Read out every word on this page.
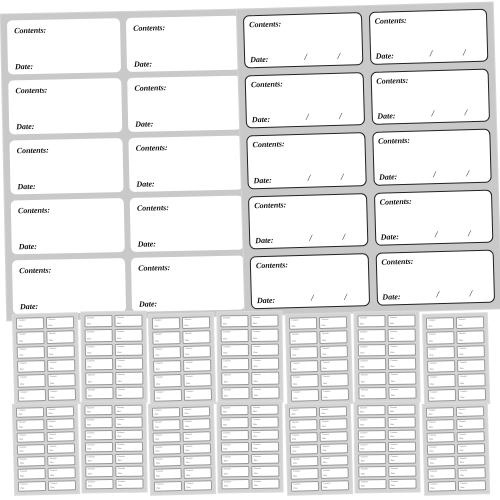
Contents:
Date:
Contents:
Date:
Contents:
Date:
Contents:
Date:
Contents:
Date:
Contents:
Date:
Contents:
Date:
Contents:
Date:
Contents:
Date:
Contents:
Date:
Contents:
Date:	/	/
Contents:
Date:	/	/
Contents:
Date:	/	/
Contents:
Date:	/	/
Contents:
Date:	/	/
Contents:
Date:	/	/
Contents:
Date:	/	/
Contents:
Date:	/	/
Contents:
Date:	/	/
Contents:
Date:	/	/
Contents
Date
Contents
Date
Contents
Date
Contents
Date
Contents
Date
Contents
Date
Contents
Date
Contents
Date
Contents
Date
Contents
Date
Contents
Date
Contents
Date
Contents
Date
Contents
Date
Contents
Date
Contents
Date
Contents
Date
Contents
Date
Contents
Date
Contents
Date
Contents
Date
Contents
Date
Contents
Date
Contents
Date
Contents
Date
Contents
Date
Contents
Date
Contents
Date
Contents
Date
Contents
Date
Contents
Date
Contents
Date
Contents
Date
Contents
Date
Contents
Date
Contents
Date
Contents
Date
Contents
Date
Contents
Date
Contents
Date
Contents
Date
Contents
Date
Contents
Date
Contents
Date
Contents
Date
Contents
Date
Contents
Date
Contents
Date
Contents
Date
Contents
Date
Contents
Date
Contents
Date
Contents
Date
Contents
Date
Contents
Date
Contents
Date
Contents
Date
Contents
Date
Contents
Date
Contents
Date
Contents
Date
Contents
Date
Contents
Date
Contents
Date
Contents
Date
Contents
Date
Contents
Date
Contents
Date
Contents
Date
Contents
Date
Contents
Date
Contents
Date
Contents
Date
Contents
Date
Contents
Date
Contents
Date
Contents
Date
Contents
Date
Contents
Date
Contents
Date
Contents
Date
Contents
Date
Contents
Date
Contents
Date
Contents
Date
Contents
Date
Contents
Date
Contents
Date
Contents
Date
Contents
Date
Contents
Date
Contents
Date
Contents
Date
Contents
Date
Contents
Date
Contents
Date
Contents
Date
Contents
Date
Contents
Date
Contents
Date
Contents
Date
Contents
Date
Contents
Date
Contents
Date
Contents
Date
Contents
Date
Contents
Date
Contents
Date
Contents
Date
Contents
Date
Contents
Date
Contents
Date
Contents
Date
Contents
Date
Contents
Date
Contents
Date
Contents
Date
Contents
Date
Contents
Date
Contents
Date
Contents
Date
Contents
Date
Contents
Date
Contents
Date
Contents
Date
Contents
Date
Contents
Date
Contents
Date
Contents
Date
Contents
Date
Contents
Date
Contents
Date
Contents
Date
Contents
Date
Contents
Date
Contents
Date
Contents
Date
Contents
Date
Contents
Date
Contents
Date
Contents
Date
Contents
Date
Contents
Date
Contents
Date
Contents
Date
Contents
Date
Contents
Date
Contents
Date
Contents
Date
Contents
Date
Contents
Date
Contents
Date
Contents
Date
Contents
Date
Contents
Date
Contents
Date
Contents
Date
Contents
Date
Contents
Date
Contents
Date
Contents
Date
Contents
Date
Contents
Date
Contents
Date
Contents
Date
Contents
Date
Contents
Date
Contents
Date
Contents
Date
Contents
Date
Contents
Date
Contents
Date
Contents
Date
Contents
Date
Contents
Date
Contents
Date
Contents
Date
Contents
Date
Contents
Date
Contents
Date
Contents
Date
Contents
Date
